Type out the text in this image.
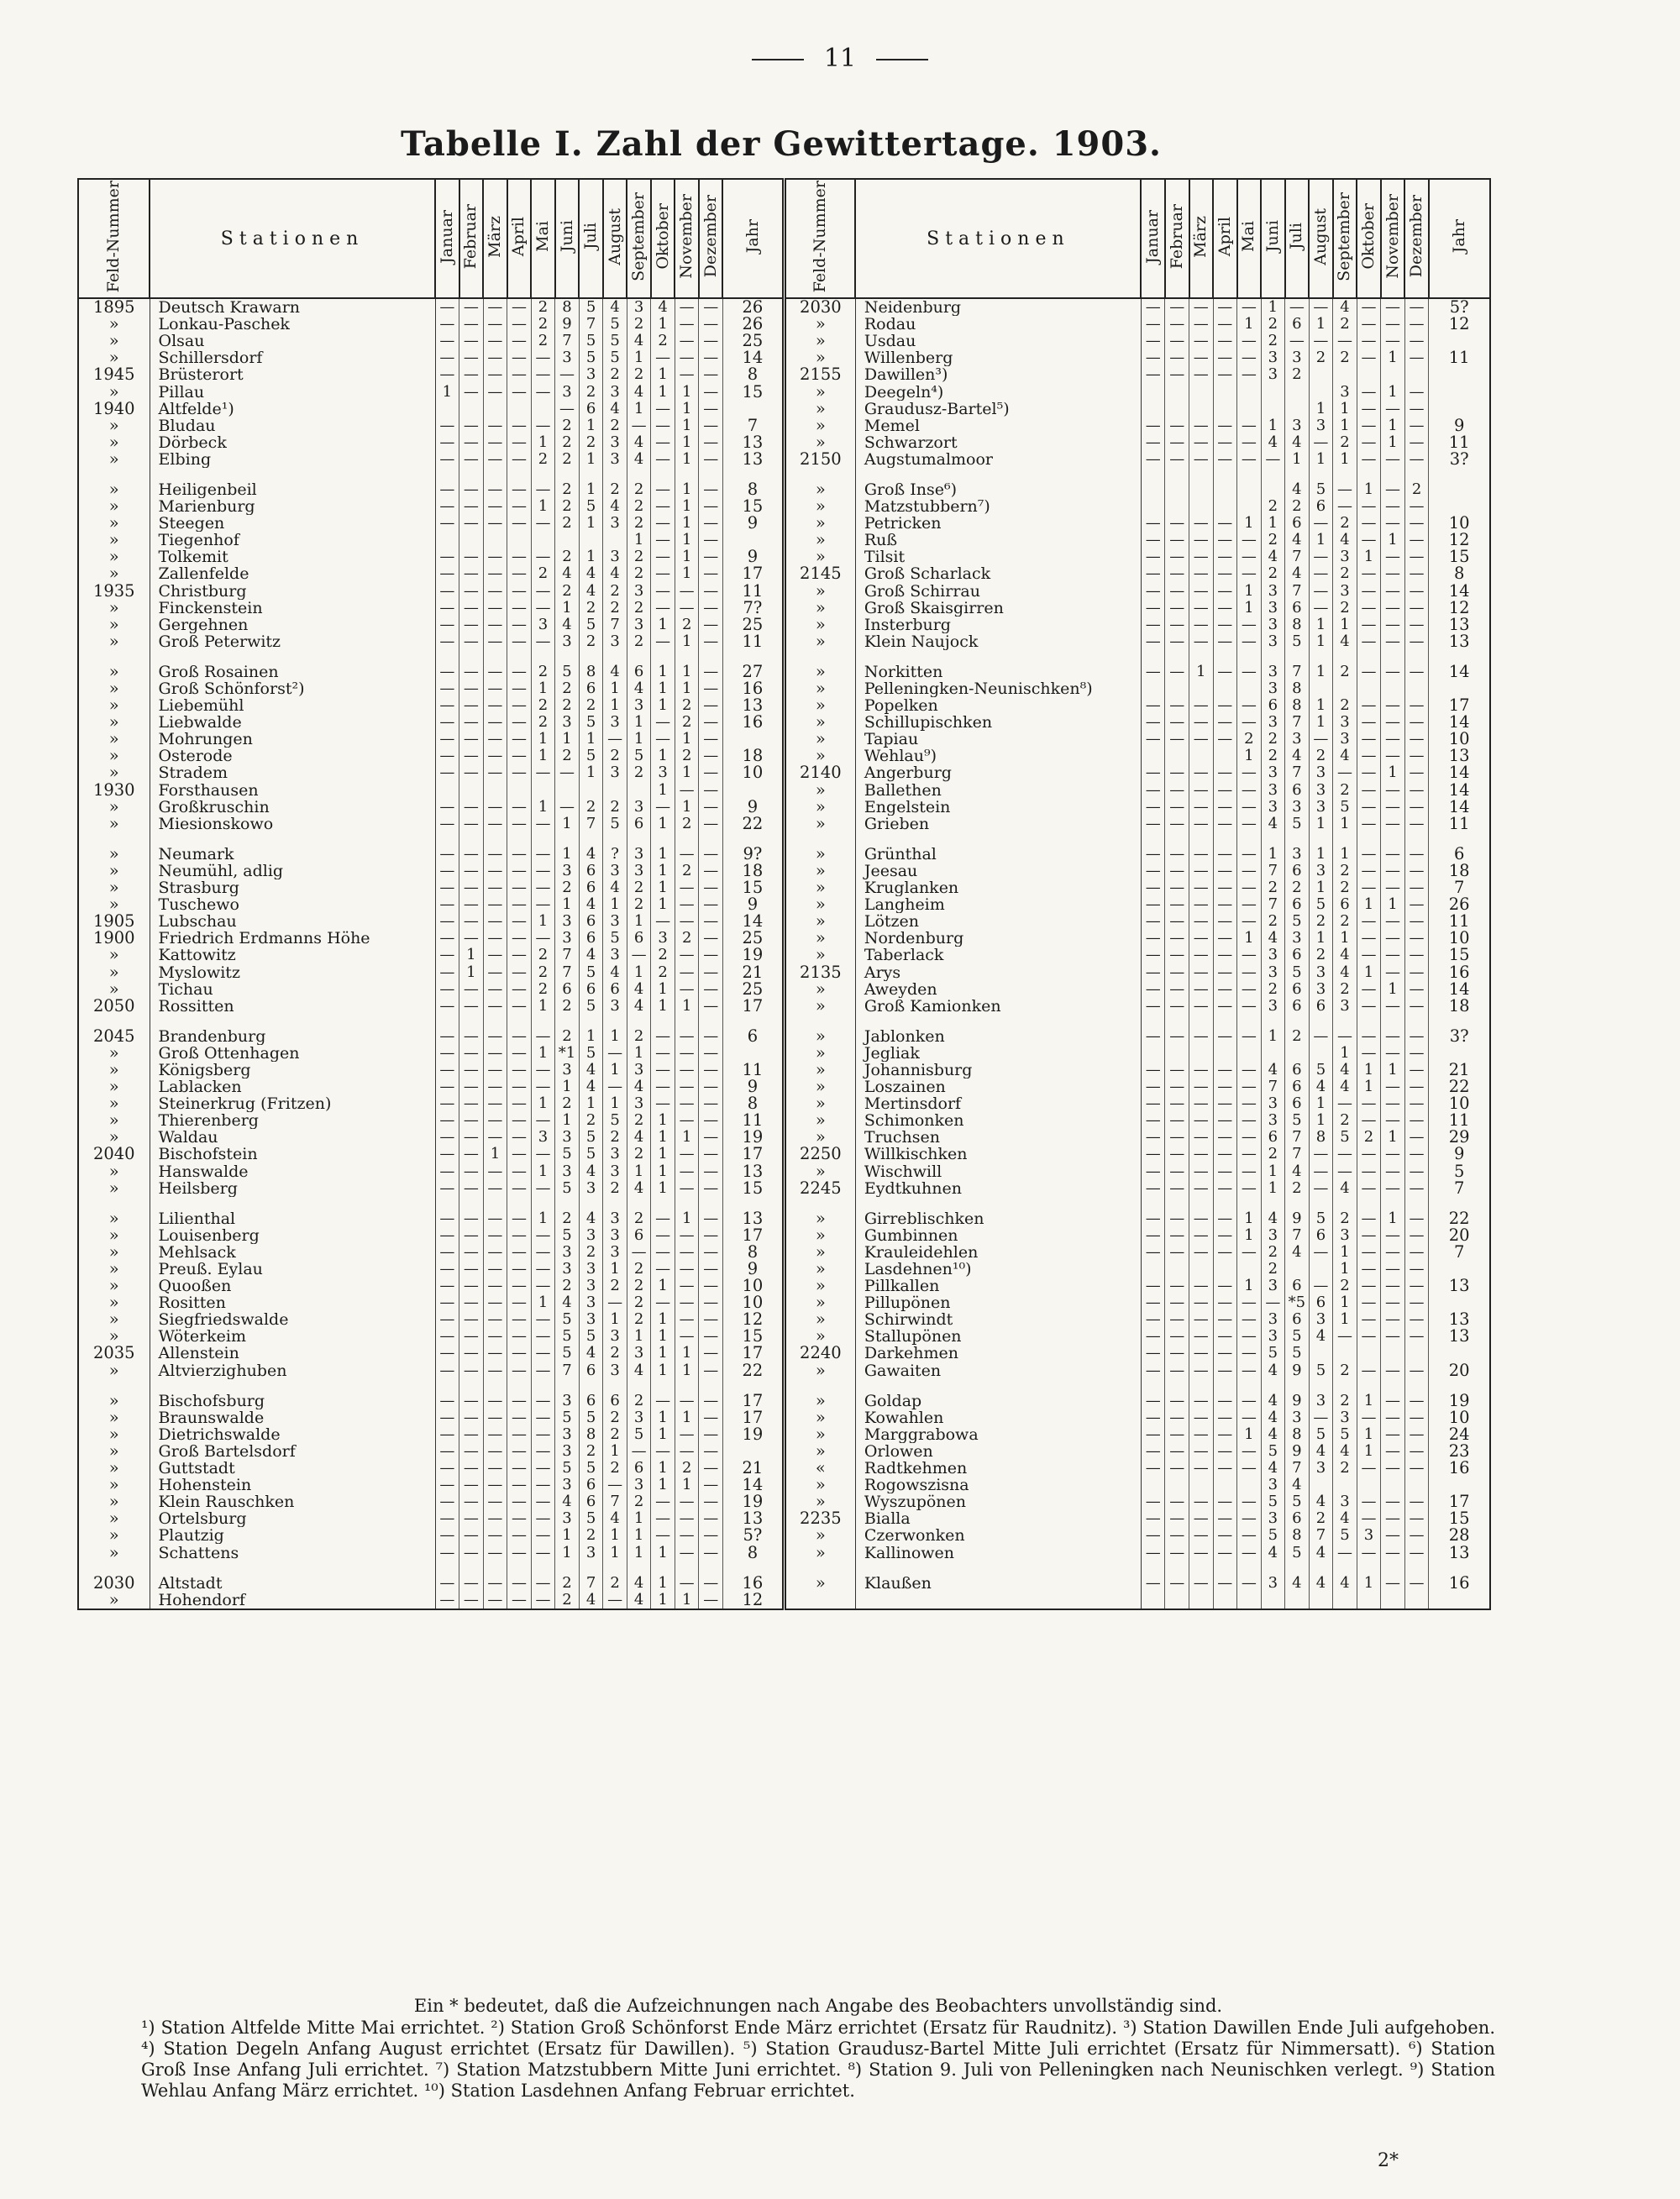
11
Tabelle I. Zahl der Gewittertage. 1903.
Feld-Nummer	Stationen	Januar	Februar	März	April	Mai	Juni	Juli	August	September	Oktober	November	Dezember	Jahr	Feld-Nummer	Stationen	Januar	Februar	März	April	Mai	Juni	Juli	August	September	Oktober	November	Dezember	Jahr
1895	Deutsch Krawarn	—	—	—	—	2	8	5	4	3	4	—	—	26	2030	Neidenburg	—	—	—	—	—	1	—	—	4	—	—	—	5?
»	Lonkau-Paschek	—	—	—	—	2	9	7	5	2	1	—	—	26	»	Rodau	—	—	—	—	1	2	6	1	2	—	—	—	12
»	Olsau	—	—	—	—	2	7	5	5	4	2	—	—	25	»	Usdau	—	—	—	—	—	2	—	—	—	—	—	—	
»	Schillersdorf	—	—	—	—	—	3	5	5	1	—	—	—	14	»	Willenberg	—	—	—	—	—	3	3	2	2	—	1	—	11
1945	Brüsterort	—	—	—	—	—	—	3	2	2	1	—	—	8	2155	Dawillen³)	—	—	—	—	—	3	2						
»	Pillau	1	—	—	—	—	3	2	3	4	1	1	—	15	»	Deegeln⁴)									3	—	1	—	
1940	Altfelde¹)						—	6	4	1	—	1	—		»	Graudusz-Bartel⁵)								1	1	—	—	—	
»	Bludau	—	—	—	—	—	2	1	2	—	—	1	—	7	»	Memel	—	—	—	—	—	1	3	3	1	—	1	—	9
»	Dörbeck	—	—	—	—	1	2	2	3	4	—	1	—	13	»	Schwarzort	—	—	—	—	—	4	4	—	2	—	1	—	11
»	Elbing	—	—	—	—	2	2	1	3	4	—	1	—	13	2150	Augstumalmoor	—	—	—	—	—	—	1	1	1	—	—	—	3?

»	Heiligenbeil	—	—	—	—	—	2	1	2	2	—	1	—	8	»	Groß Inse⁶)							4	5	—	1	—	2	
»	Marienburg	—	—	—	—	1	2	5	4	2	—	1	—	15	»	Matzstubbern⁷)						2	2	6	—	—	—	—	
»	Steegen	—	—	—	—	—	2	1	3	2	—	1	—	9	»	Petricken	—	—	—	—	1	1	6	—	2	—	—	—	10
»	Tiegenhof									1	—	1	—		»	Ruß	—	—	—	—	—	2	4	1	4	—	1	—	12
»	Tolkemit	—	—	—	—	—	2	1	3	2	—	1	—	9	»	Tilsit	—	—	—	—	—	4	7	—	3	1	—	—	15
»	Zallenfelde	—	—	—	—	2	4	4	4	2	—	1	—	17	2145	Groß Scharlack	—	—	—	—	—	2	4	—	2	—	—	—	8
1935	Christburg	—	—	—	—	—	2	4	2	3	—	—	—	11	»	Groß Schirrau	—	—	—	—	1	3	7	—	3	—	—	—	14
»	Finckenstein	—	—	—	—	—	1	2	2	2	—	—	—	7?	»	Groß Skaisgirren	—	—	—	—	1	3	6	—	2	—	—	—	12
»	Gergehnen	—	—	—	—	3	4	5	7	3	1	2	—	25	»	Insterburg	—	—	—	—	—	3	8	1	1	—	—	—	13
»	Groß Peterwitz	—	—	—	—	—	3	2	3	2	—	1	—	11	»	Klein Naujock	—	—	—	—	—	3	5	1	4	—	—	—	13

»	Groß Rosainen	—	—	—	—	2	5	8	4	6	1	1	—	27	»	Norkitten	—	—	1	—	—	3	7	1	2	—	—	—	14
»	Groß Schönforst²)	—	—	—	—	1	2	6	1	4	1	1	—	16	»	Pelleningken-Neunischken⁸)						3	8						
»	Liebemühl	—	—	—	—	2	2	2	1	3	1	2	—	13	»	Popelken	—	—	—	—	—	6	8	1	2	—	—	—	17
»	Liebwalde	—	—	—	—	2	3	5	3	1	—	2	—	16	»	Schillupischken	—	—	—	—	—	3	7	1	3	—	—	—	14
»	Mohrungen	—	—	—	—	1	1	1	—	1	—	1	—		»	Tapiau	—	—	—	—	2	2	3	—	3	—	—	—	10
»	Osterode	—	—	—	—	1	2	5	2	5	1	2	—	18	»	Wehlau⁹)					1	2	4	2	4	—	—	—	13
»	Stradem	—	—	—	—	—	—	1	3	2	3	1	—	10	2140	Angerburg	—	—	—	—	—	3	7	3	—	—	1	—	14
1930	Forsthausen										1	—	—		»	Ballethen	—	—	—	—	—	3	6	3	2	—	—	—	14
»	Großkruschin	—	—	—	—	1	—	2	2	3	—	1	—	9	»	Engelstein	—	—	—	—	—	3	3	3	5	—	—	—	14
»	Miesionskowo	—	—	—	—	—	1	7	5	6	1	2	—	22	»	Grieben	—	—	—	—	—	4	5	1	1	—	—	—	11

»	Neumark	—	—	—	—	—	1	4	?	3	1	—	—	9?	»	Grünthal	—	—	—	—	—	1	3	1	1	—	—	—	6
»	Neumühl, adlig	—	—	—	—	—	3	6	3	3	1	2	—	18	»	Jeesau	—	—	—	—	—	7	6	3	2	—	—	—	18
»	Strasburg	—	—	—	—	—	2	6	4	2	1	—	—	15	»	Kruglanken	—	—	—	—	—	2	2	1	2	—	—	—	7
»	Tuschewo	—	—	—	—	—	1	4	1	2	1	—	—	9	»	Langheim	—	—	—	—	—	7	6	5	6	1	1	—	26
1905	Lubschau	—	—	—	—	1	3	6	3	1	—	—	—	14	»	Lötzen	—	—	—	—	—	2	5	2	2	—	—	—	11
1900	Friedrich Erdmanns Höhe	—	—	—	—	—	3	6	5	6	3	2	—	25	»	Nordenburg	—	—	—	—	1	4	3	1	1	—	—	—	10
»	Kattowitz	—	1	—	—	2	7	4	3	—	2	—	—	19	»	Taberlack	—	—	—	—	—	3	6	2	4	—	—	—	15
»	Myslowitz	—	1	—	—	2	7	5	4	1	2	—	—	21	2135	Arys	—	—	—	—	—	3	5	3	4	1	—	—	16
»	Tichau	—	—	—	—	2	6	6	6	4	1	—	—	25	»	Aweyden	—	—	—	—	—	2	6	3	2	—	1	—	14
2050	Rossitten	—	—	—	—	1	2	5	3	4	1	1	—	17	»	Groß Kamionken	—	—	—	—	—	3	6	6	3	—	—	—	18

2045	Brandenburg	—	—	—	—	—	2	1	1	2	—	—	—	6	»	Jablonken	—	—	—	—	—	1	2	—	—	—	—	—	3?
»	Groß Ottenhagen	—	—	—	—	1	*1	5	—	1	—	—	—		»	Jegliak									1	—	—	—	
»	Königsberg	—	—	—	—	—	3	4	1	3	—	—	—	11	»	Johannisburg	—	—	—	—	—	4	6	5	4	1	1	—	21
»	Lablacken	—	—	—	—	—	1	4	—	4	—	—	—	9	»	Loszainen	—	—	—	—	—	7	6	4	4	1	—	—	22
»	Steinerkrug (Fritzen)	—	—	—	—	1	2	1	1	3	—	—	—	8	»	Mertinsdorf	—	—	—	—	—	3	6	1	—	—	—	—	10
»	Thierenberg	—	—	—	—	—	1	2	5	2	1	—	—	11	»	Schimonken	—	—	—	—	—	3	5	1	2	—	—	—	11
»	Waldau	—	—	—	—	3	3	5	2	4	1	1	—	19	»	Truchsen	—	—	—	—	—	6	7	8	5	2	1	—	29
2040	Bischofstein	—	—	1	—	—	5	5	3	2	1	—	—	17	2250	Willkischken	—	—	—	—	—	2	7	—	—	—	—	—	9
»	Hanswalde	—	—	—	—	1	3	4	3	1	1	—	—	13	»	Wischwill	—	—	—	—	—	1	4	—	—	—	—	—	5
»	Heilsberg	—	—	—	—	—	5	3	2	4	1	—	—	15	2245	Eydtkuhnen	—	—	—	—	—	1	2	—	4	—	—	—	7

»	Lilienthal	—	—	—	—	1	2	4	3	2	—	1	—	13	»	Girreblischken	—	—	—	—	1	4	9	5	2	—	1	—	22
»	Louisenberg	—	—	—	—	—	5	3	3	6	—	—	—	17	»	Gumbinnen	—	—	—	—	1	3	7	6	3	—	—	—	20
»	Mehlsack	—	—	—	—	—	3	2	3	—	—	—	—	8	»	Krauleidehlen	—	—	—	—	—	2	4	—	1	—	—	—	7
»	Preuß. Eylau	—	—	—	—	—	3	3	1	2	—	—	—	9	»	Lasdehnen¹⁰)						2			1	—	—	—	
»	Quooßen	—	—	—	—	—	2	3	2	2	1	—	—	10	»	Pillkallen	—	—	—	—	1	3	6	—	2	—	—	—	13
»	Rositten	—	—	—	—	1	4	3	—	2	—	—	—	10	»	Pillupönen	—	—	—	—	—	—	*5	6	1	—	—	—	
»	Siegfriedswalde	—	—	—	—	—	5	3	1	2	1	—	—	12	»	Schirwindt	—	—	—	—	—	3	6	3	1	—	—	—	13
»	Wöterkeim	—	—	—	—	—	5	5	3	1	1	—	—	15	»	Stallupönen	—	—	—	—	—	3	5	4	—	—	—	—	13
2035	Allenstein	—	—	—	—	—	5	4	2	3	1	1	—	17	2240	Darkehmen	—	—	—	—	—	5	5						
»	Altvierzighuben	—	—	—	—	—	7	6	3	4	1	1	—	22	»	Gawaiten	—	—	—	—	—	4	9	5	2	—	—	—	20

»	Bischofsburg	—	—	—	—	—	3	6	6	2	—	—	—	17	»	Goldap	—	—	—	—	—	4	9	3	2	1	—	—	19
»	Braunswalde	—	—	—	—	—	5	5	2	3	1	1	—	17	»	Kowahlen	—	—	—	—	—	4	3	—	3	—	—	—	10
»	Dietrichswalde	—	—	—	—	—	3	8	2	5	1	—	—	19	»	Marggrabowa	—	—	—	—	1	4	8	5	5	1	—	—	24
»	Groß Bartelsdorf	—	—	—	—	—	3	2	1	—	—	—	—		»	Orlowen	—	—	—	—	—	5	9	4	4	1	—	—	23
»	Guttstadt	—	—	—	—	—	5	5	2	6	1	2	—	21	«	Radtkehmen	—	—	—	—	—	4	7	3	2	—	—	—	16
»	Hohenstein	—	—	—	—	—	3	6	—	3	1	1	—	14	»	Rogowszisna						3	4						
»	Klein Rauschken	—	—	—	—	—	4	6	7	2	—	—	—	19	»	Wyszupönen	—	—	—	—	—	5	5	4	3	—	—	—	17
»	Ortelsburg	—	—	—	—	—	3	5	4	1	—	—	—	13	2235	Bialla	—	—	—	—	—	3	6	2	4	—	—	—	15
»	Plautzig	—	—	—	—	—	1	2	1	1	—	—	—	5?	»	Czerwonken	—	—	—	—	—	5	8	7	5	3	—	—	28
»	Schattens	—	—	—	—	—	1	3	1	1	1	—	—	8	»	Kallinowen	—	—	—	—	—	4	5	4	—	—	—	—	13

2030	Altstadt	—	—	—	—	—	2	7	2	4	1	—	—	16	»	Klaußen	—	—	—	—	—	3	4	4	4	1	—	—	16
»	Hohendorf	—	—	—	—	—	2	4	—	4	1	1	—	12															
Ein * bedeutet, daß die Aufzeichnungen nach Angabe des Beobachters unvollständig sind.
¹) Station Altfelde Mitte Mai errichtet. ²) Station Groß Schönforst Ende März errichtet (Ersatz für Raudnitz). ³) Station Dawillen Ende Juli aufgehoben. ⁴) Station Degeln Anfang August errichtet (Ersatz für Dawillen). ⁵) Station Graudusz-Bartel Mitte Juli errichtet (Ersatz für Nimmersatt). ⁶) Station Groß Inse Anfang Juli errichtet. ⁷) Station Matzstubbern Mitte Juni errichtet. ⁸) Station 9. Juli von Pelleningken nach Neunischken verlegt. ⁹) Station Wehlau Anfang März errichtet. ¹⁰) Station Lasdehnen Anfang Februar errichtet.
2*
